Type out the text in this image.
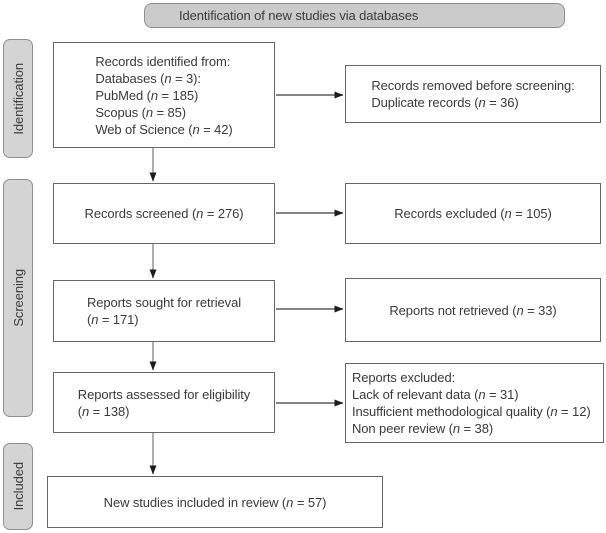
Identification of new studies via databases
Identification
Screening
Included
Records identified from:
Databases (n = 3):
PubMed (n = 185)
Scopus (n = 85)
Web of Science (n = 42)
Records removed before screening:
Duplicate records (n = 36)
Records screened (n = 276)	Records excluded (n = 105)
Reports sought for retrieval
(n = 171)
Reports not retrieved (n = 33)
Reports assessed for eligibility
(n = 138)
Reports excluded:
Lack of relevant data (n = 31)
Insufficient methodological quality (n = 12)
Non peer review (n = 38)
New studies included in review (n = 57)
